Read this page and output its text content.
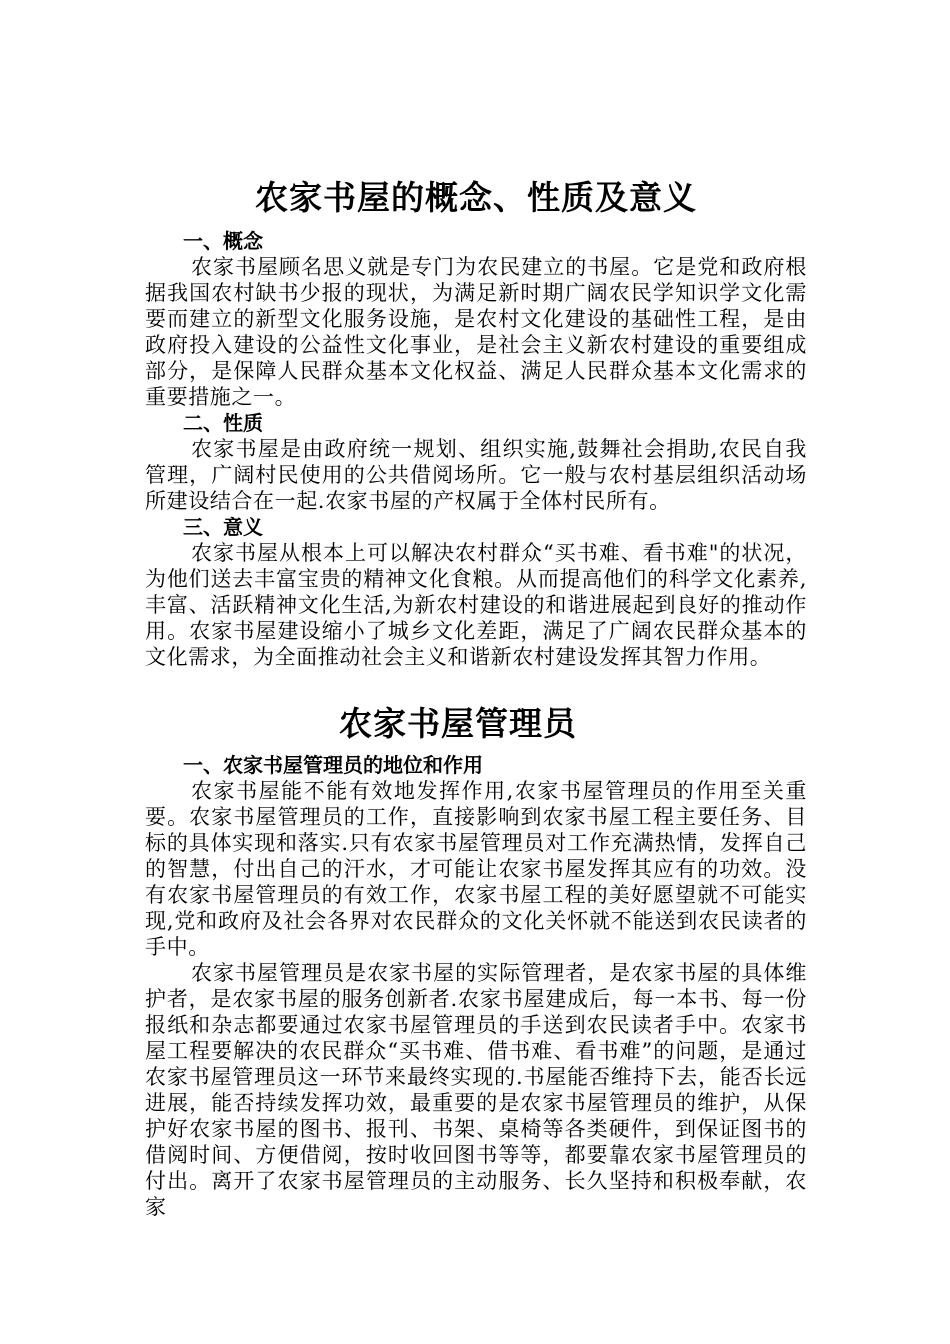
农家书屋的概念、性质及意义
一、概念

农家书屋顾名思义就是专门为农民建立的书屋。它是党和政府根据我国农村缺书少报的现状，为满足新时期广阔农民学知识学文化需要而建立的新型文化服务设施，是农村文化建设的基础性工程，是由政府投入建设的公益性文化事业，是社会主义新农村建设的重要组成部分，是保障人民群众基本文化权益、满足人民群众基本文化需求的重要措施之一。

二、性质

农家书屋是由政府统一规划、组织实施,鼓舞社会捐助,农民自我管理，广阔村民使用的公共借阅场所。它一般与农村基层组织活动场所建设结合在一起.农家书屋的产权属于全体村民所有。

三、意义

农家书屋从根本上可以解决农村群众“买书难、看书难"的状况，为他们送去丰富宝贵的精神文化食粮。从而提高他们的科学文化素养,丰富、活跃精神文化生活,为新农村建设的和谐进展起到良好的推动作用。农家书屋建设缩小了城乡文化差距，满足了广阔农民群众基本的文化需求，为全面推动社会主义和谐新农村建设发挥其智力作用。

农家书屋管理员
一、农家书屋管理员的地位和作用

农家书屋能不能有效地发挥作用,农家书屋管理员的作用至关重要。农家书屋管理员的工作，直接影响到农家书屋工程主要任务、目标的具体实现和落实.只有农家书屋管理员对工作充满热情，发挥自己的智慧，付出自己的汗水，才可能让农家书屋发挥其应有的功效。没有农家书屋管理员的有效工作，农家书屋工程的美好愿望就不可能实现,党和政府及社会各界对农民群众的文化关怀就不能送到农民读者的手中。

农家书屋管理员是农家书屋的实际管理者，是农家书屋的具体维护者，是农家书屋的服务创新者.农家书屋建成后，每一本书、每一份报纸和杂志都要通过农家书屋管理员的手送到农民读者手中。农家书屋工程要解决的农民群众“买书难、借书难、看书难”的问题，是通过农家书屋管理员这一环节来最终实现的.书屋能否维持下去，能否长远进展，能否持续发挥功效，最重要的是农家书屋管理员的维护，从保护好农家书屋的图书、报刊、书架、桌椅等各类硬件，到保证图书的借阅时间、方便借阅，按时收回图书等等，都要靠农家书屋管理员的付出。离开了农家书屋管理员的主动服务、长久坚持和积极奉献，农家
